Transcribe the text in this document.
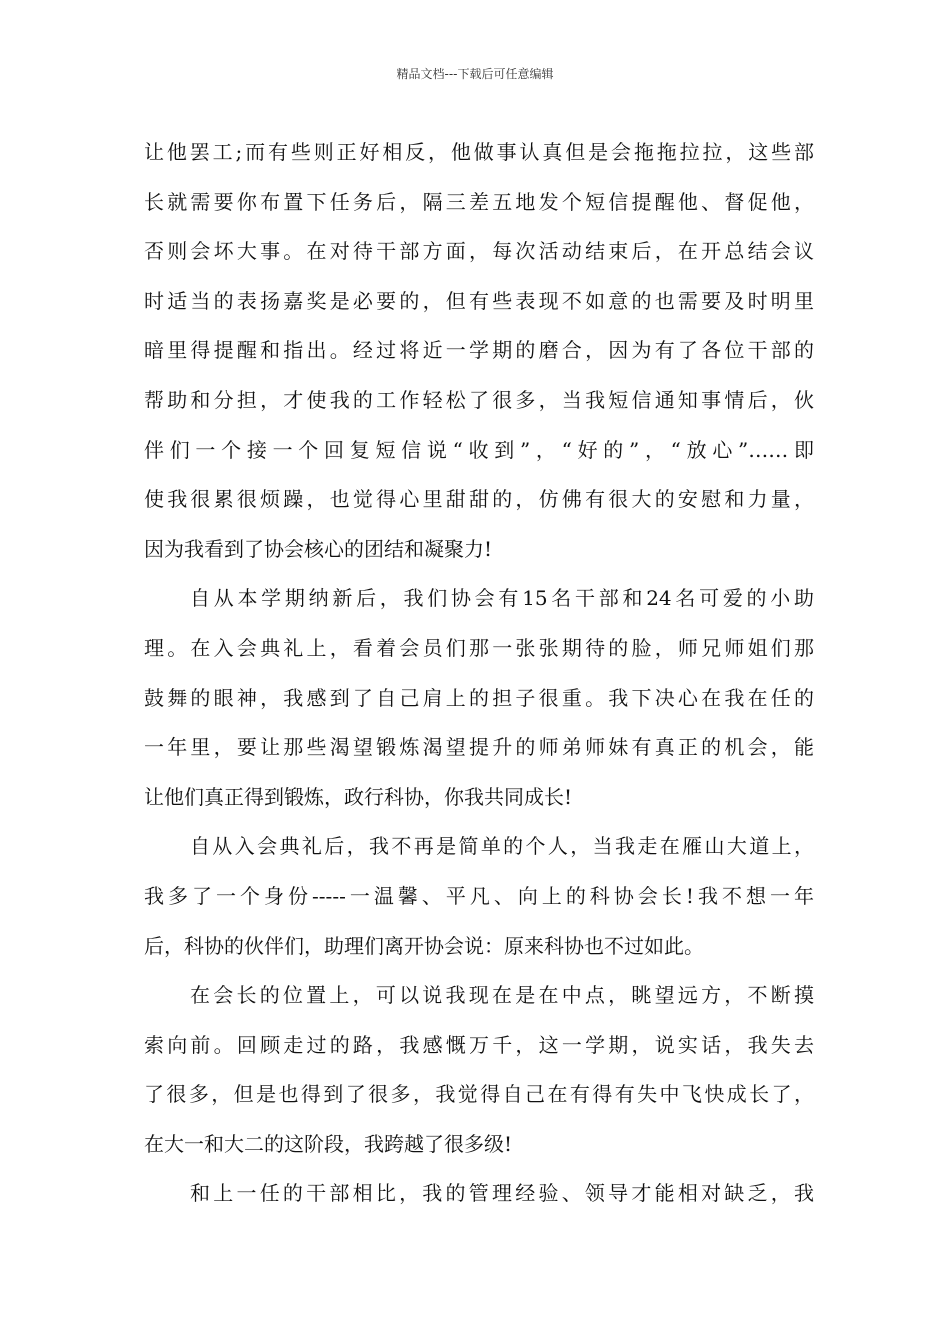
精品文档---下载后可任意编辑
让他罢工;而有些则正好相反，他做事认真但是会拖拖拉拉，这些部
长就需要你布置下任务后，隔三差五地发个短信提醒他、督促他，
否则会坏大事。在对待干部方面，每次活动结束后，在开总结会议
时适当的表扬嘉奖是必要的，但有些表现不如意的也需要及时明里
暗里得提醒和指出。经过将近一学期的磨合，因为有了各位干部的
帮助和分担，才使我的工作轻松了很多，当我短信通知事情后，伙
伴们一个接一个回复短信说“收到”，“好的”，“放心”……即
使我很累很烦躁，也觉得心里甜甜的，仿佛有很大的安慰和力量，
因为我看到了协会核心的团结和凝聚力!
自从本学期纳新后，我们协会有15名干部和24名可爱的小助
理。在入会典礼上，看着会员们那一张张期待的脸，师兄师姐们那
鼓舞的眼神，我感到了自己肩上的担子很重。我下决心在我在任的
一年里，要让那些渴望锻炼渴望提升的师弟师妹有真正的机会，能
让他们真正得到锻炼，政行科协，你我共同成长!
自从入会典礼后，我不再是简单的个人，当我走在雁山大道上，
我多了一个身份-----一温馨、平凡、向上的科协会长!我不想一年
后，科协的伙伴们，助理们离开协会说：原来科协也不过如此。
在会长的位置上，可以说我现在是在中点，眺望远方，不断摸
索向前。回顾走过的路，我感慨万千，这一学期，说实话，我失去
了很多，但是也得到了很多，我觉得自己在有得有失中飞快成长了，
在大一和大二的这阶段，我跨越了很多级!
和上一任的干部相比，我的管理经验、领导才能相对缺乏，我
